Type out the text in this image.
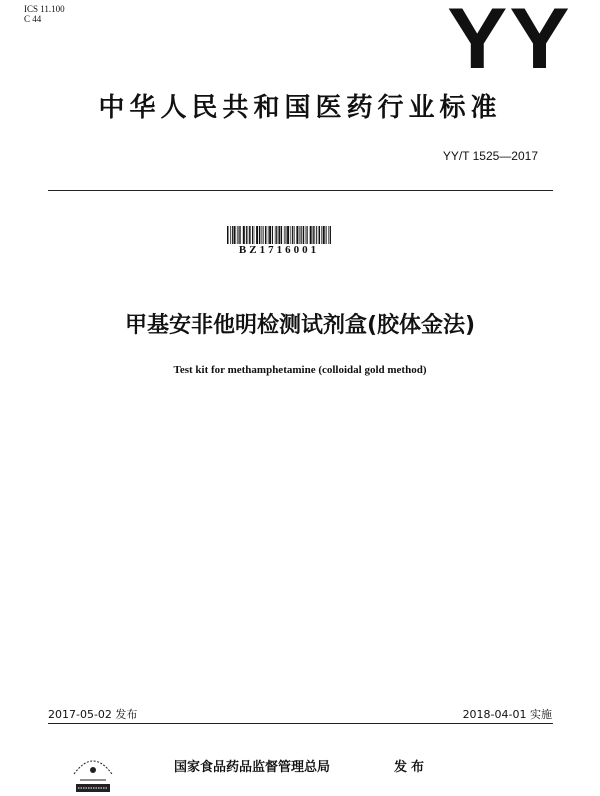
ICS 11.100
C 44	YY
中华人民共和国医药行业标准
YY/T 1525—2017
BZ1716001
甲基安非他明检测试剂盒(胶体金法)
Test kit for methamphetamine (colloidal gold method)
2017-05-02 发布	2018-04-01 实施
国家食品药品监督管理总局	发布
